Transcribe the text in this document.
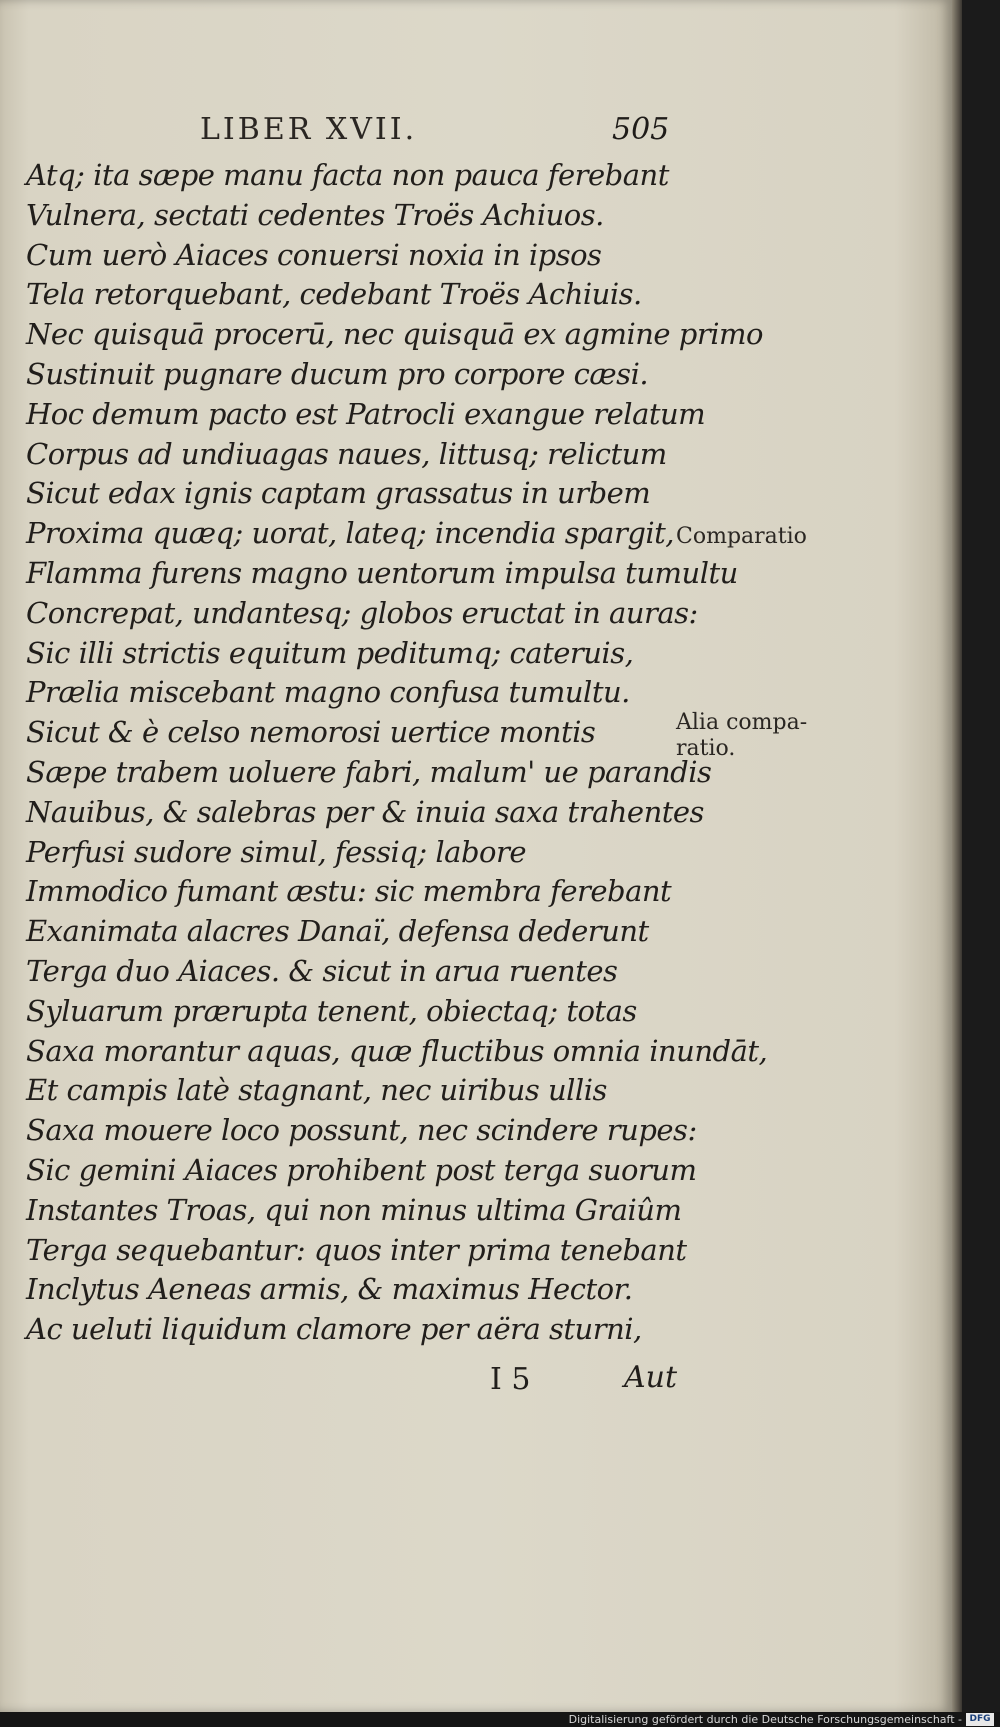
LIBER XVII.	505
Atq; ita sæpe manu facta non pauca ferebant
Vulnera, sectati cedentes Troës Achiuos.
Cum uerò Aiaces conuersi noxia in ipsos
Tela retorquebant, cedebant Troës Achiuis.
Nec quisquā procerū, nec quisquā ex agmine primo
Sustinuit pugnare ducum pro corpore cæsi.
Hoc demum pacto est Patrocli exangue relatum
Corpus ad undiuagas naues, littusq; relictum
Sicut edax ignis captam grassatus in urbem
Proxima quæq; uorat, lateq; incendia spargit,
Flamma furens magno uentorum impulsa tumultu
Concrepat, undantesq; globos eructat in auras:
Sic illi strictis equitum peditumq; cateruis,
Prælia miscebant magno confusa tumultu.
Sicut & è celso nemorosi uertice montis
Sæpe trabem uoluere fabri, malum' ue parandis
Nauibus, & salebras per & inuia saxa trahentes
Perfusi sudore simul, fessiq; labore
Immodico fumant æstu: sic membra ferebant
Exanimata alacres Danaï, defensa dederunt
Terga duo Aiaces. & sicut in arua ruentes
Syluarum prærupta tenent, obiectaq; totas
Saxa morantur aquas, quæ fluctibus omnia inundāt,
Et campis latè stagnant, nec uiribus ullis
Saxa mouere loco possunt, nec scindere rupes:
Sic gemini Aiaces prohibent post terga suorum
Instantes Troas, qui non minus ultima Graiûm
Terga sequebantur: quos inter prima tenebant
Inclytus Aeneas armis, & maximus Hector.
Ac ueluti liquidum clamore per aëra sturni,
Comparatio
Alia compa-
ratio.
I 5	Aut
Digitalisierung gefördert durch die Deutsche Forschungsgemeinschaft - DFG
